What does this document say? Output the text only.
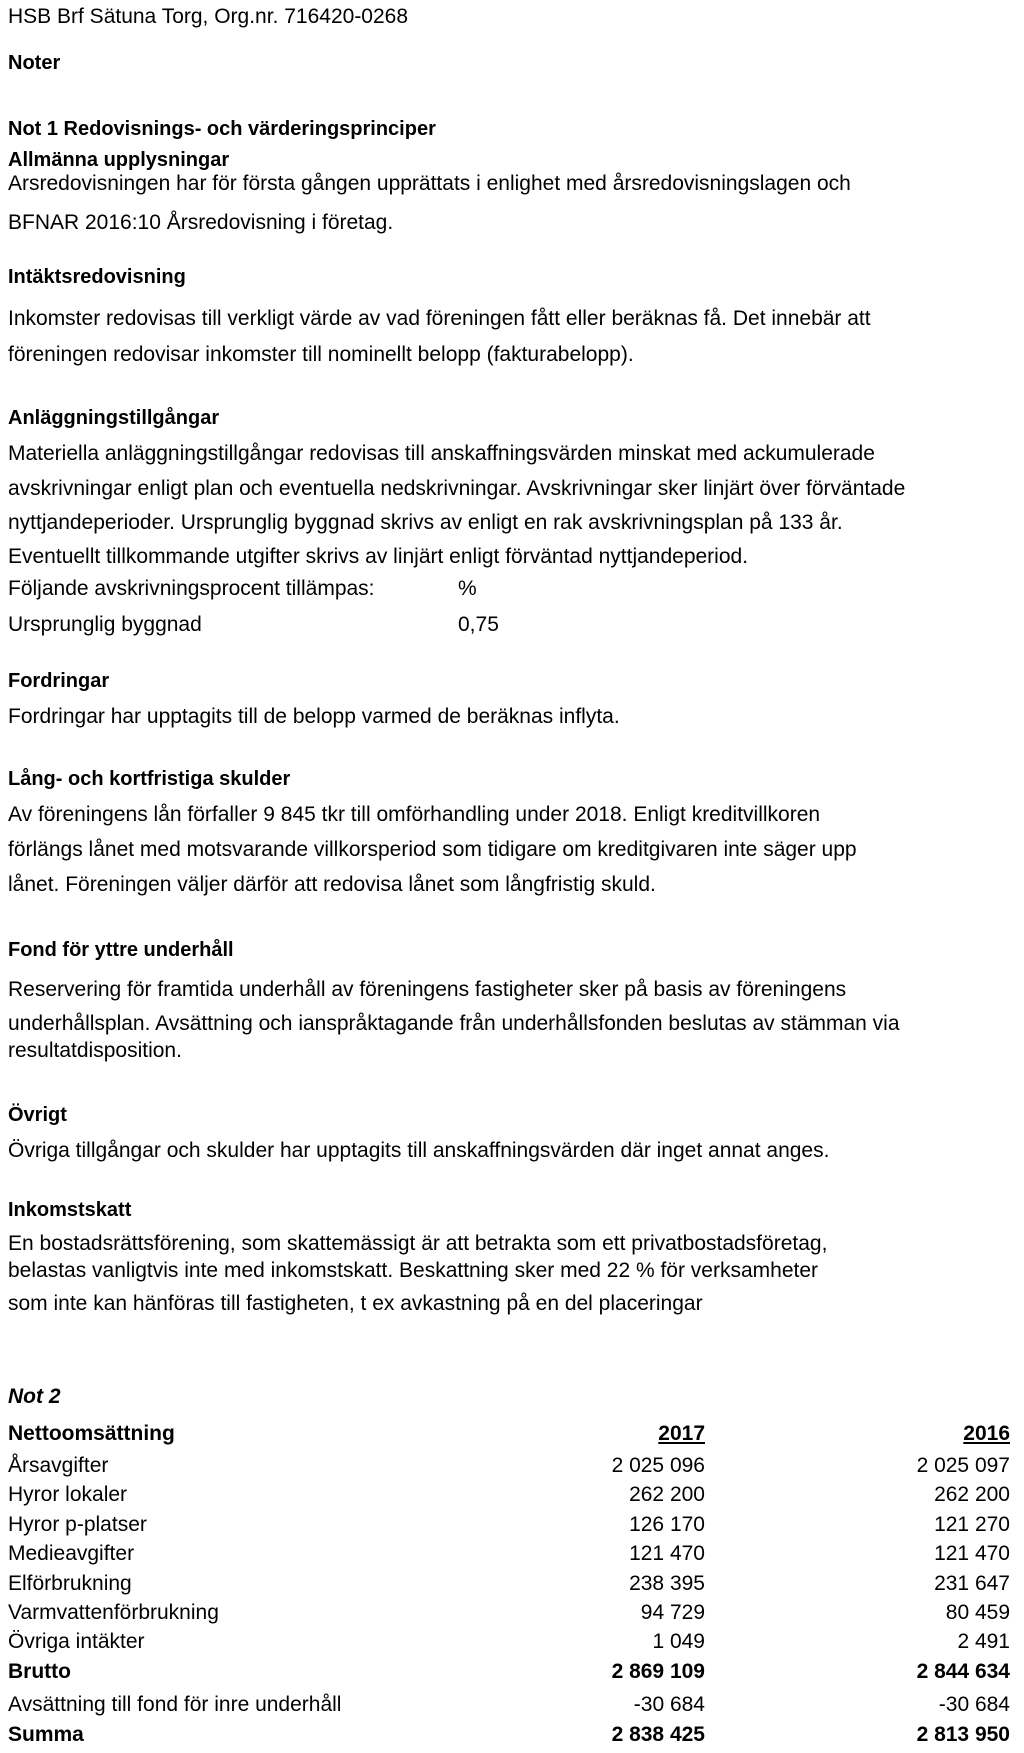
HSB Brf Sätuna Torg, Org.nr. 716420-0268
Noter
Not 1 Redovisnings- och värderingsprinciper
Allmänna upplysningar
Arsredovisningen har för första gången upprättats i enlighet med årsredovisningslagen och
BFNAR 2016:10 Årsredovisning i företag.
Intäktsredovisning
Inkomster redovisas till verkligt värde av vad föreningen fått eller beräknas få. Det innebär att
föreningen redovisar inkomster till nominellt belopp (fakturabelopp).
Anläggningstillgångar
Materiella anläggningstillgångar redovisas till anskaffningsvärden minskat med ackumulerade
avskrivningar enligt plan och eventuella nedskrivningar. Avskrivningar sker linjärt över förväntade
nyttjandeperioder. Ursprunglig byggnad skrivs av enligt en rak avskrivningsplan på 133 år.
Eventuellt tillkommande utgifter skrivs av linjärt enligt förväntad nyttjandeperiod.
Följande avskrivningsprocent tillämpas:	%
Ursprunglig byggnad	0,75
Fordringar
Fordringar har upptagits till de belopp varmed de beräknas inflyta.
Lång- och kortfristiga skulder
Av föreningens lån förfaller 9 845 tkr till omförhandling under 2018. Enligt kreditvillkoren
förlängs lånet med motsvarande villkorsperiod som tidigare om kreditgivaren inte säger upp
lånet. Föreningen väljer därför att redovisa lånet som långfristig skuld.
Fond för yttre underhåll
Reservering för framtida underhåll av föreningens fastigheter sker på basis av föreningens
underhållsplan. Avsättning och ianspråktagande från underhållsfonden beslutas av stämman via
resultatdisposition.
Övrigt
Övriga tillgångar och skulder har upptagits till anskaffningsvärden där inget annat anges.
Inkomstskatt
En bostadsrättsförening, som skattemässigt är att betrakta som ett privatbostadsföretag,
belastas vanligtvis inte med inkomstskatt. Beskattning sker med 22 % för verksamheter
som inte kan hänföras till fastigheten, t ex avkastning på en del placeringar
Not 2
Nettoomsättning	2017	2016
Årsavgifter	2 025 096	2 025 097
Hyror lokaler	262 200	262 200
Hyror p-platser	126 170	121 270
Medieavgifter	121 470	121 470
Elförbrukning	238 395	231 647
Varmvattenförbrukning	94 729	80 459
Övriga intäkter	1 049	2 491
Brutto	2 869 109	2 844 634
Avsättning till fond för inre underhåll	-30 684	-30 684
Summa	2 838 425	2 813 950
